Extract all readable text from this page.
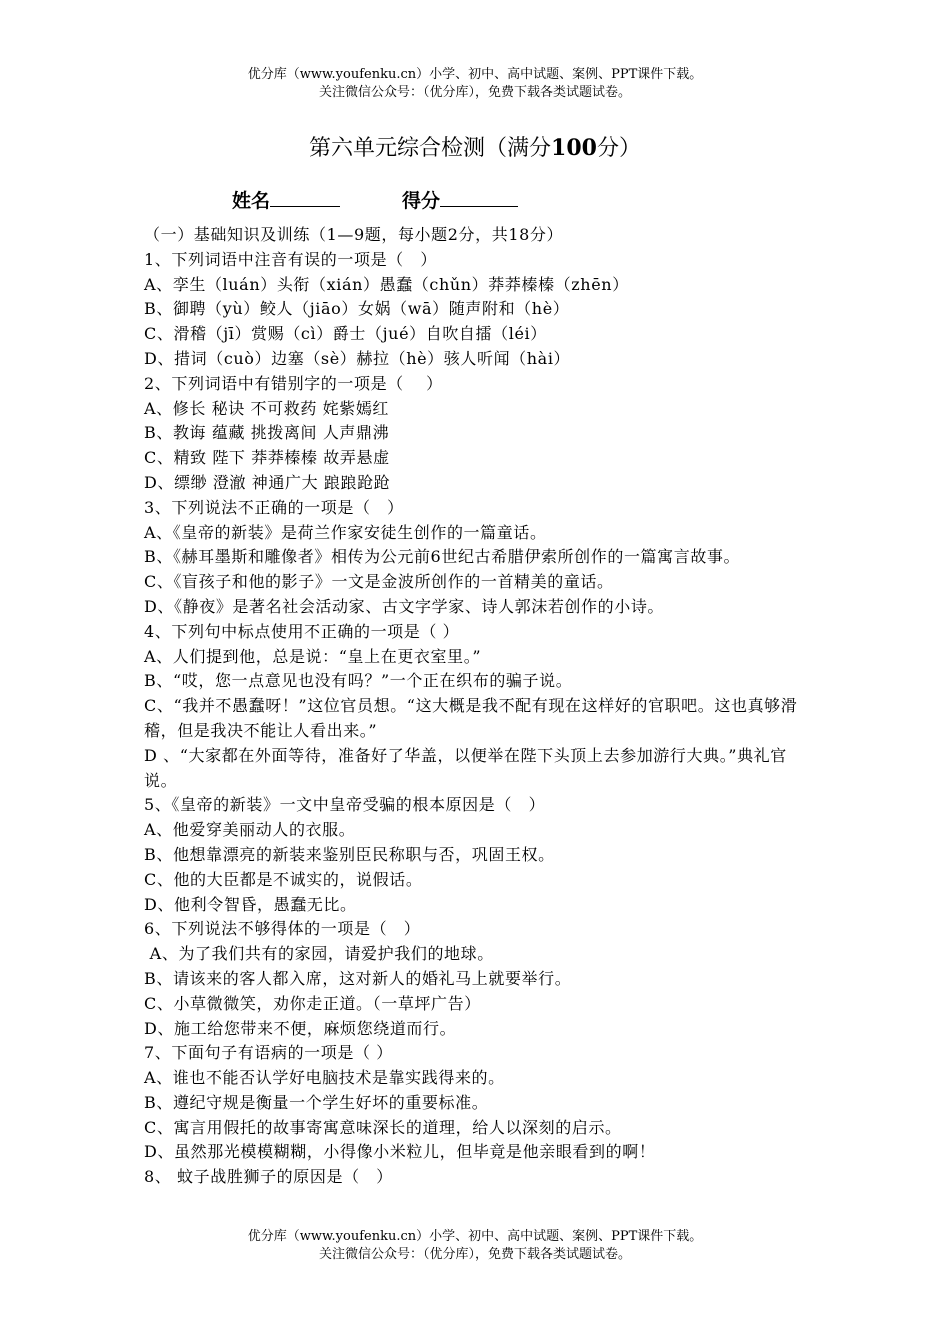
优分库（www.youfenku.cn）小学、初中、高中试题、案例、PPT课件下载。
关注微信公众号：（优分库），免费下载各类试题试卷。
第六单元综合检测（满分100分）
姓名	得分
（一）基础知识及训练（1—9题，每小题2分，共18分）
1、下列词语中注音有误的一项是（　）
A、孪生（luán）头衔（xián）愚蠢（chǔn）莽莽榛榛（zhēn）
B、御聘（yù）鲛人（jiāo）女娲（wā）随声附和（hè）
C、滑稽（jī）赏赐（cì）爵士（jué）自吹自擂（léi）
D、措词（cuò）边塞（sè）赫拉（hè）骇人听闻（hài）
2、下列词语中有错别字的一项是（　 ）
A、修长 秘诀 不可救药 姹紫嫣红
B、教诲 蕴藏 挑拨离间 人声鼎沸
C、精致 陛下 莽莽榛榛 故弄悬虚
D、缥缈 澄澈 神通广大 踉踉跄跄
3、下列说法不正确的一项是（　）
A、《皇帝的新装》是荷兰作家安徒生创作的一篇童话。
B、《赫耳墨斯和雕像者》相传为公元前6世纪古希腊伊索所创作的一篇寓言故事。
C、《盲孩子和他的影子》一文是金波所创作的一首精美的童话。
D、《静夜》是著名社会活动家、古文字学家、诗人郭沫若创作的小诗。
4、下列句中标点使用不正确的一项是（ ）
A、人们提到他，总是说：“皇上在更衣室里。”
B、“哎，您一点意见也没有吗？”一个正在织布的骗子说。
C、“我并不愚蠢呀！”这位官员想。“这大概是我不配有现在这样好的官职吧。这也真够滑稽，但是我决不能让人看出来。”
D 、“大家都在外面等待，准备好了华盖，以便举在陛下头顶上去参加游行大典。”典礼官说。
5、《皇帝的新装》一文中皇帝受骗的根本原因是（　）
A、他爱穿美丽动人的衣服。
B、他想靠漂亮的新装来鉴别臣民称职与否，巩固王权。
C、他的大臣都是不诚实的，说假话。
D、他利令智昏，愚蠢无比。
6、下列说法不够得体的一项是（　）
A、为了我们共有的家园，请爱护我们的地球。
B、请该来的客人都入席，这对新人的婚礼马上就要举行。
C、小草微微笑，劝你走正道。（一草坪广告）
D、施工给您带来不便，麻烦您绕道而行。
7、下面句子有语病的一项是（ ）
A、谁也不能否认学好电脑技术是靠实践得来的。
B、遵纪守规是衡量一个学生好坏的重要标准。
C、寓言用假托的故事寄寓意味深长的道理，给人以深刻的启示。
D、虽然那光模模糊糊，小得像小米粒儿，但毕竟是他亲眼看到的啊！
8、 蚊子战胜狮子的原因是（　）
优分库（www.youfenku.cn）小学、初中、高中试题、案例、PPT课件下载。
关注微信公众号：（优分库），免费下载各类试题试卷。
